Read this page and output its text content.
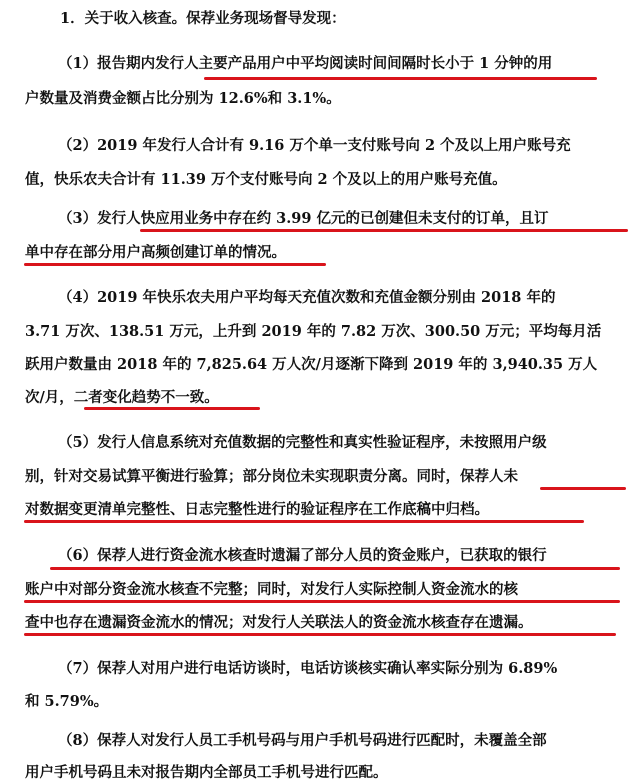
1．关于收入核查。保荐业务现场督导发现：
（1）报告期内发行人主要产品用户中平均阅读时间间隔时长小于 1 分钟的用
户数量及消费金额占比分别为 12.6%和 3.1%。
（2）2019 年发行人合计有 9.16 万个单一支付账号向 2 个及以上用户账号充
值，快乐农夫合计有 11.39 万个支付账号向 2 个及以上的用户账号充值。
（3）发行人快应用业务中存在约 3.99 亿元的已创建但未支付的订单，且订
单中存在部分用户高频创建订单的情况。
（4）2019 年快乐农夫用户平均每天充值次数和充值金额分别由 2018 年的
3.71 万次、138.51 万元，上升到 2019 年的 7.82 万次、300.50 万元；平均每月活
跃用户数量由 2018 年的 7,825.64 万人次/月逐渐下降到 2019 年的 3,940.35 万人
次/月，二者变化趋势不一致。
（5）发行人信息系统对充值数据的完整性和真实性验证程序，未按照用户级
别，针对交易试算平衡进行验算；部分岗位未实现职责分离。同时，保荐人未
对数据变更清单完整性、日志完整性进行的验证程序在工作底稿中归档。
（6）保荐人进行资金流水核查时遗漏了部分人员的资金账户，已获取的银行
账户中对部分资金流水核查不完整；同时，对发行人实际控制人资金流水的核
查中也存在遗漏资金流水的情况；对发行人关联法人的资金流水核查存在遗漏。
（7）保荐人对用户进行电话访谈时，电话访谈核实确认率实际分别为 6.89%
和 5.79%。
（8）保荐人对发行人员工手机号码与用户手机号码进行匹配时，未覆盖全部
用户手机号码且未对报告期内全部员工手机号进行匹配。
